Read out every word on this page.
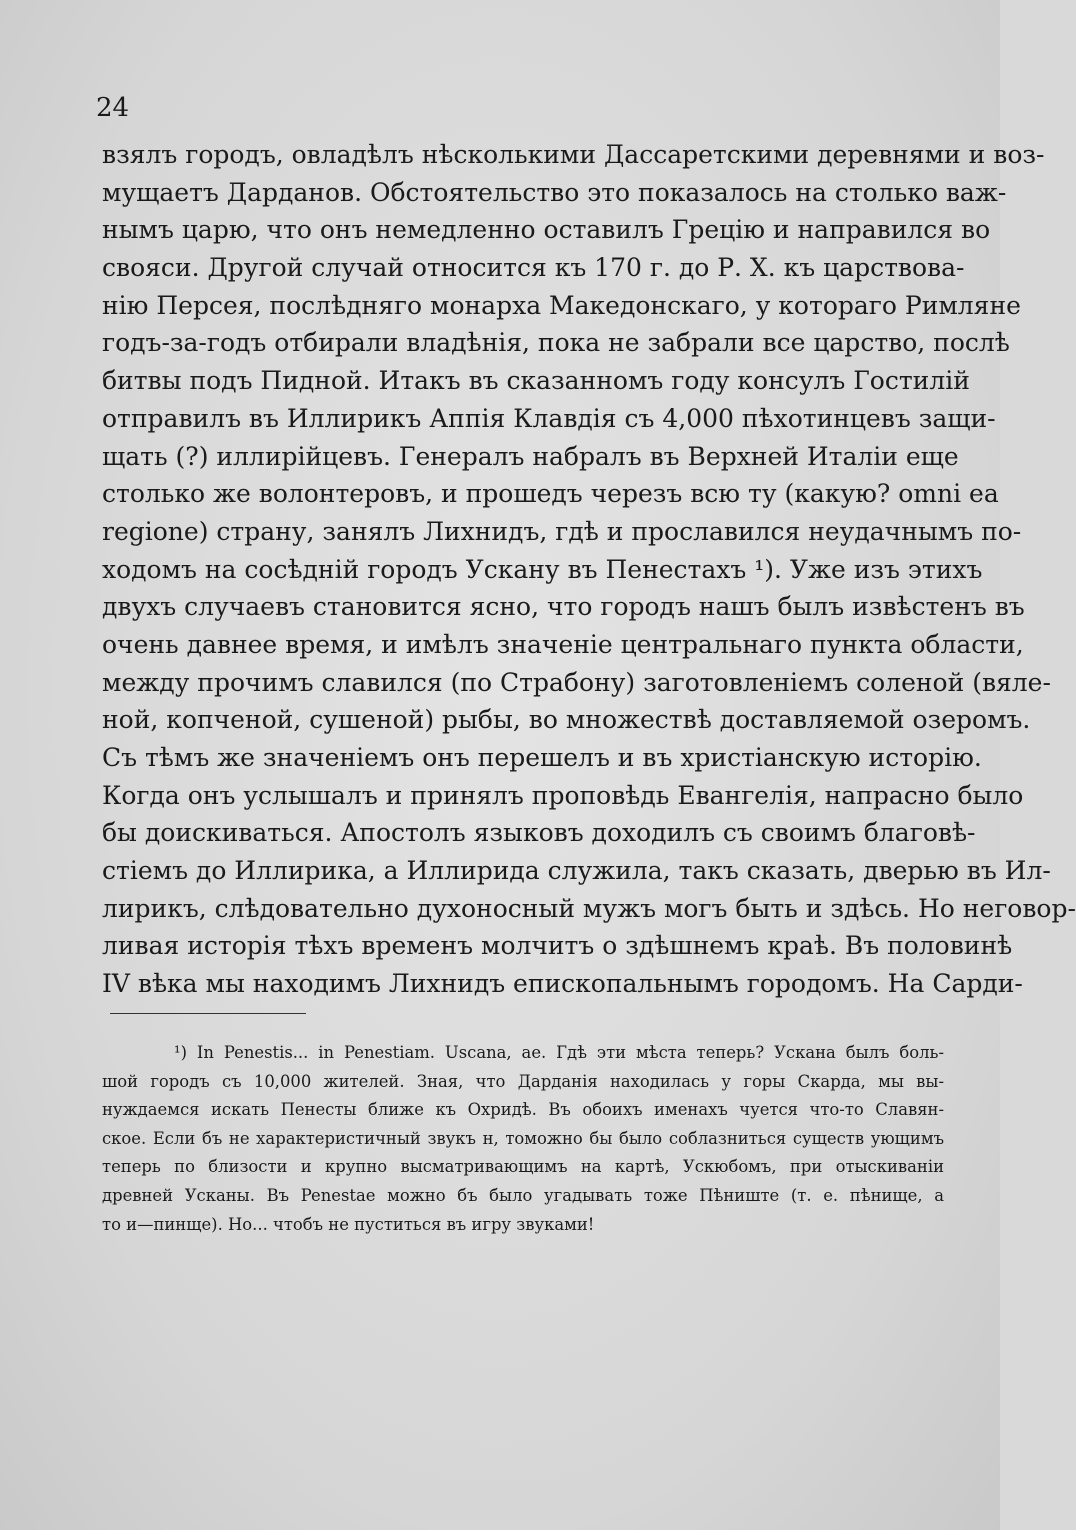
24
взялъ городъ, овладѣлъ нѣсколькими Дассаретскими деревнями и воз-
мущаетъ Дарданов. Обстоятельство это показалось на столько важ-
нымъ царю, что онъ немедленно оставилъ Грецію и направился во
свояси. Другой случай относится къ 170 г. до Р. Х. къ царствова-
нію Персея, послѣдняго монарха Македонскаго, у котораго Римляне
годъ-за-годъ отбирали владѣнія, пока не забрали все царство, послѣ
битвы подъ Пидной. Итакъ въ сказанномъ году консулъ Гостилій
отправилъ въ Иллирикъ Аппія Клавдія съ 4,000 пѣхотинцевъ защи-
щать (?) иллирійцевъ. Генералъ набралъ въ Верхней Италіи еще
столько же волонтеровъ, и прошедъ черезъ всю ту (какую? omni ea
regione) страну, занялъ Лихнидъ, гдѣ и прославился неудачнымъ по-
ходомъ на сосѣдній городъ Ускану въ Пенестахъ ¹). Уже изъ этихъ
двухъ случаевъ становится ясно, что городъ нашъ былъ извѣстенъ въ
очень давнее время, и имѣлъ значеніе центральнаго пункта области,
между прочимъ славился (по Страбону) заготовленіемъ соленой (вяле-
ной, копченой, сушеной) рыбы, во множествѣ доставляемой озеромъ.
Съ тѣмъ же значеніемъ онъ перешелъ и въ христіанскую исторію.
Когда онъ услышалъ и принялъ проповѣдь Евангелія, напрасно было
бы доискиваться. Апостолъ языковъ доходилъ съ своимъ благовѣ-
стіемъ до Иллирика, а Иллирида служила, такъ сказать, дверью въ Ил-
лирикъ, слѣдовательно духоносный мужъ могъ быть и здѣсь. Но неговор-
ливая исторія тѣхъ временъ молчитъ о здѣшнемъ краѣ. Въ половинѣ
IV вѣка мы находимъ Лихнидъ епископальнымъ городомъ. На Сарди-
¹) In Penestis... in Penestiam. Uscana, ae. Гдѣ эти мѣста теперь? Ускана былъ боль-
шой городъ съ 10,000 жителей. Зная, что Дарданія находилась у горы Скарда, мы вы-
нуждаемся искать Пенесты ближе къ Охридѣ. Въ обоихъ именахъ чуется что-то Славян-
ское. Если бъ не характеристичный звукъ н, томожно бы было соблазниться существ ующимъ
теперь по близости и крупно высматривающимъ на картѣ, Ускюбомъ, при отыскиваніи
древней Усканы. Въ Penestae можно бъ было угадывать тоже Пѣниште (т. е. пѣнище, а
то и—пинще). Но... чтобъ не пуститься въ игру звуками!
